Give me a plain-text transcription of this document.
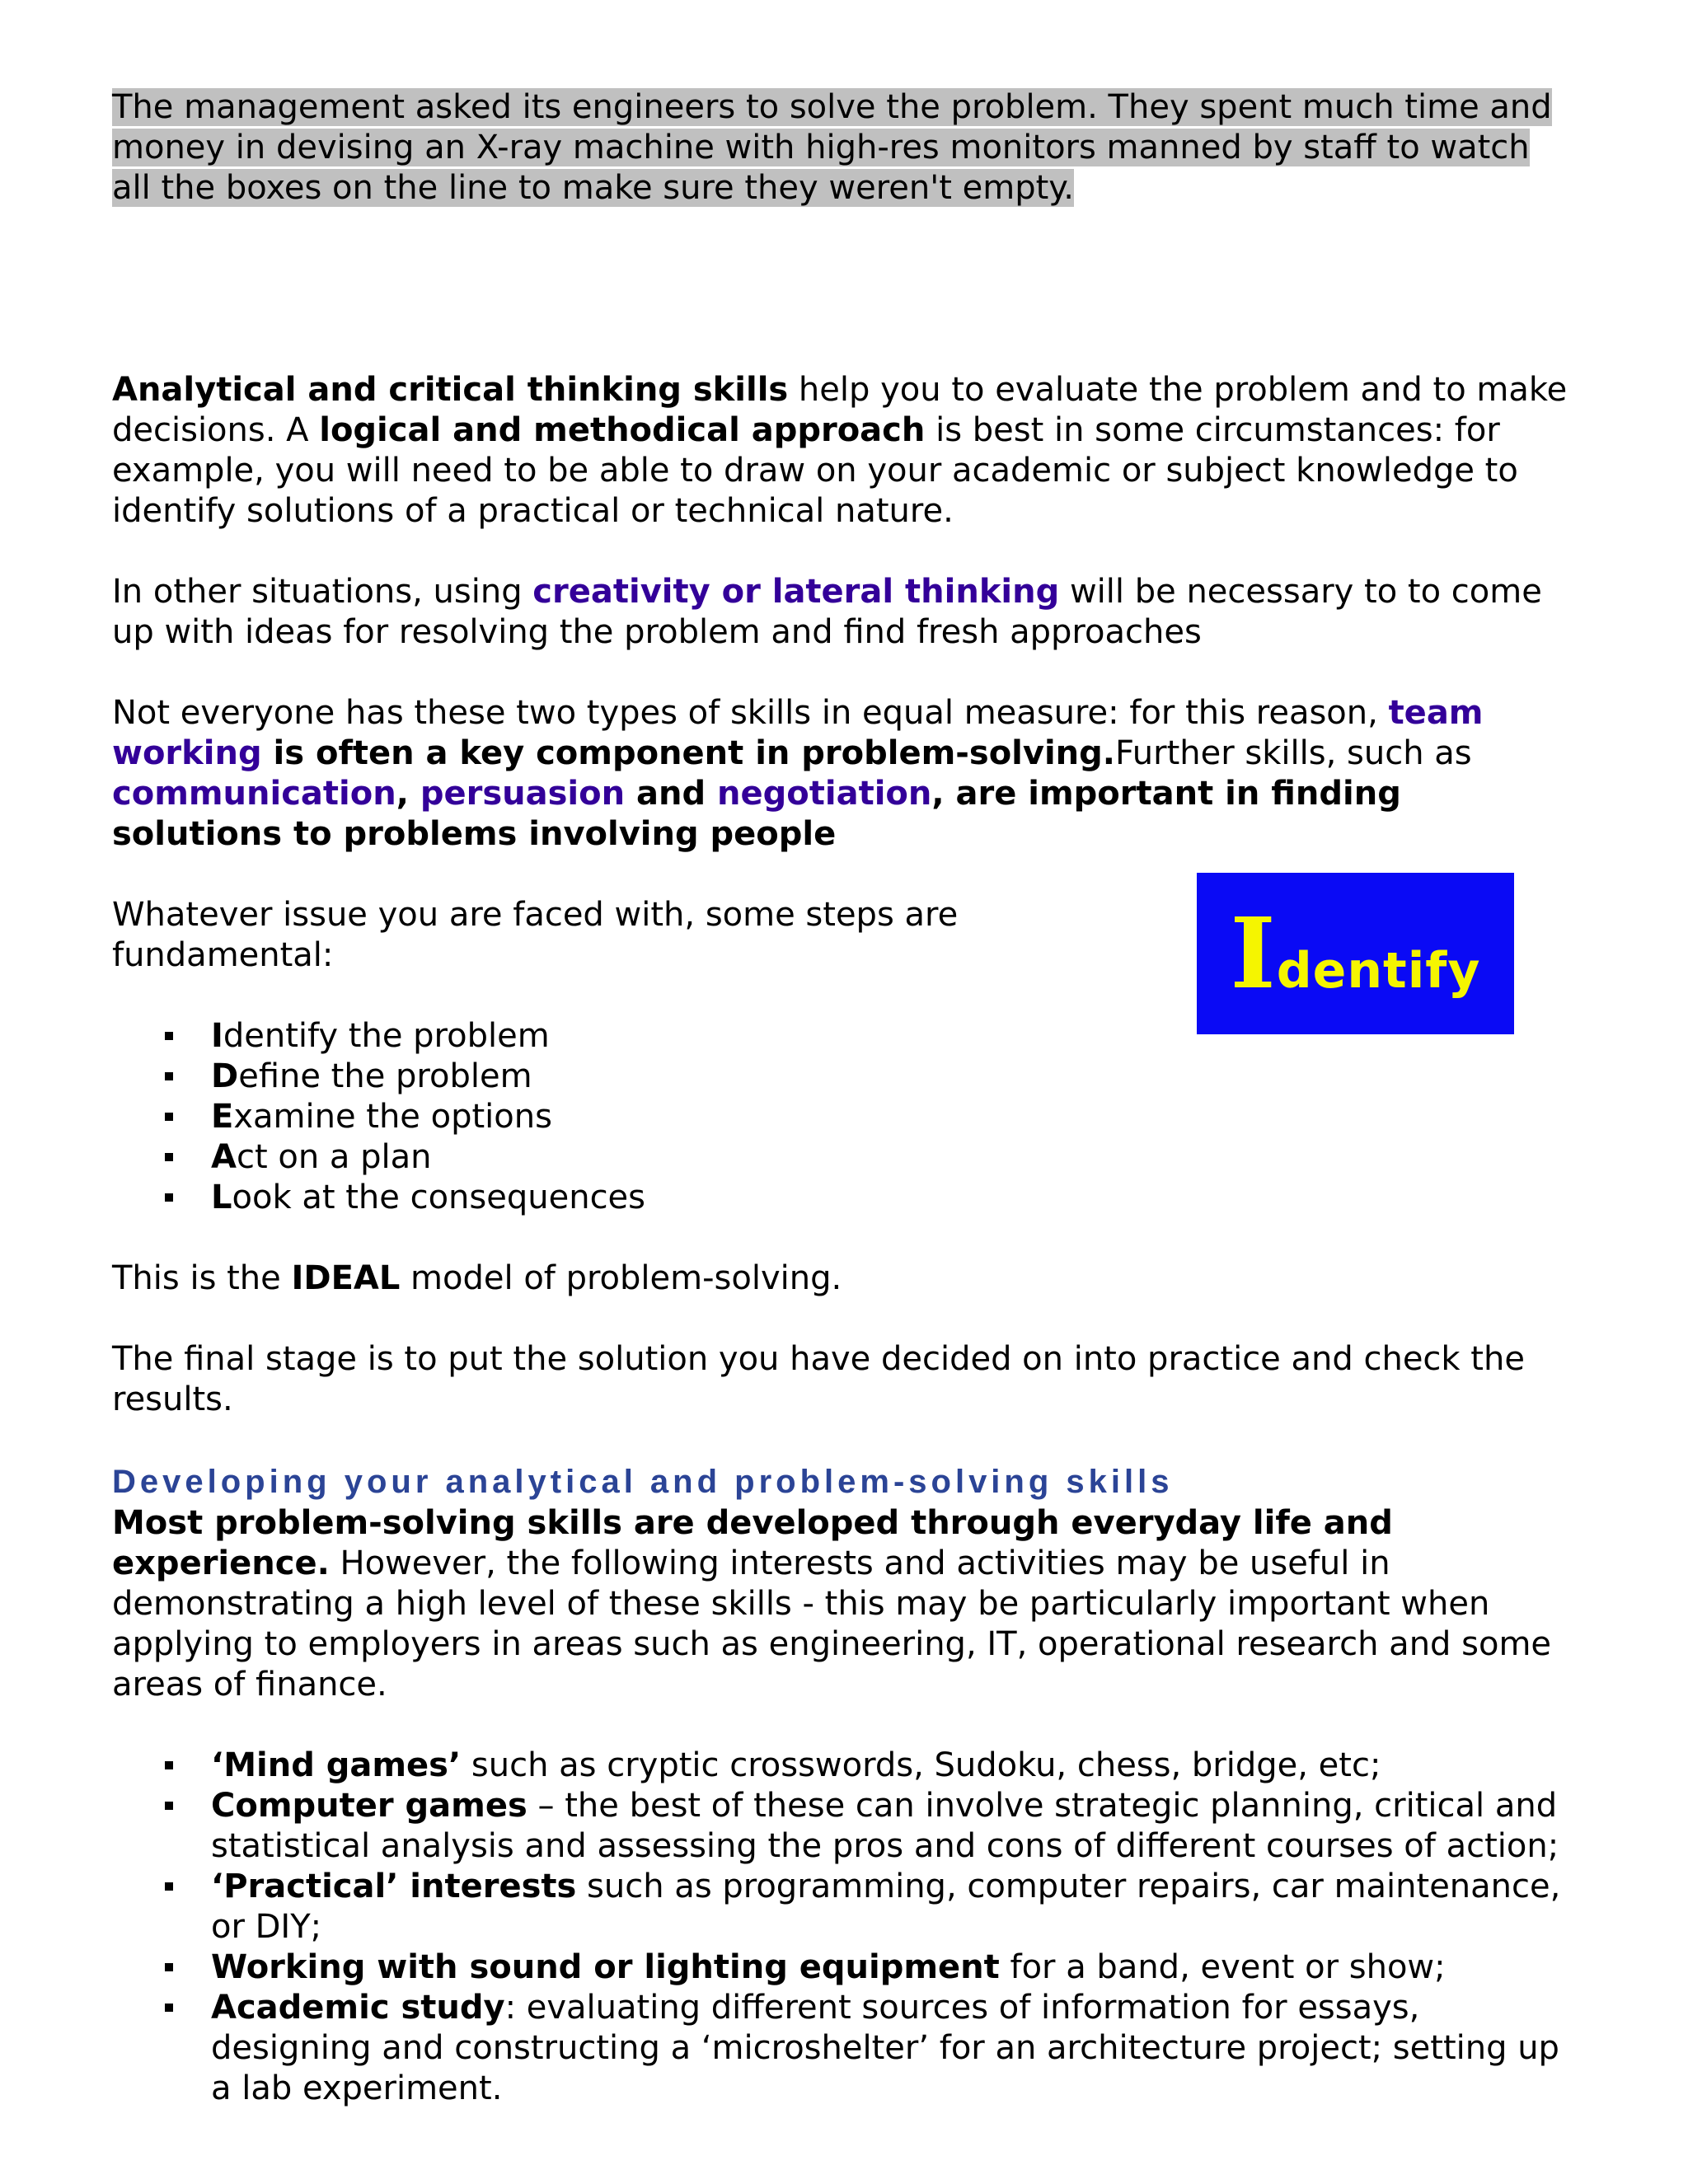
The management asked its engineers to solve the problem. They spent much time and money in devising an X-ray machine with high-res monitors manned by staff to watch all the boxes on the line to make sure they weren't empty.

Analytical and critical thinking skills help you to evaluate the problem and to make decisions. A logical and methodical approach is best in some circumstances: for example, you will need to be able to draw on your academic or subject knowledge to identify solutions of a practical or technical nature.

In other situations, using creativity or lateral thinking will be necessary to to come up with ideas for resolving the problem and find fresh approaches

Not everyone has these two types of skills in equal measure: for this reason, team working is often a key component in problem-solving.Further skills, such as communication, persuasion and negotiation, are important in finding solutions to problems involving people

Identify

Whatever issue you are faced with, some steps are fundamental:

Identify the problem
Define the problem
Examine the options
Act on a plan
Look at the consequences

This is the IDEAL model of problem-solving.

The final stage is to put the solution you have decided on into practice and check the results.

Developing your analytical and problem-solving skills

Most problem-solving skills are developed through everyday life and experience. However, the following interests and activities may be useful in demonstrating a high level of these skills - this may be particularly important when applying to employers in areas such as engineering, IT, operational research and some areas of finance.

‘Mind games’ such as cryptic crosswords, Sudoku, chess, bridge, etc;
Computer games – the best of these can involve strategic planning, critical and statistical analysis and assessing the pros and cons of different courses of action;
‘Practical’ interests such as programming, computer repairs, car maintenance, or DIY;
Working with sound or lighting equipment for a band, event or show;
Academic study: evaluating different sources of information for essays, designing and constructing a ‘microshelter’ for an architecture project; setting up a lab experiment.
